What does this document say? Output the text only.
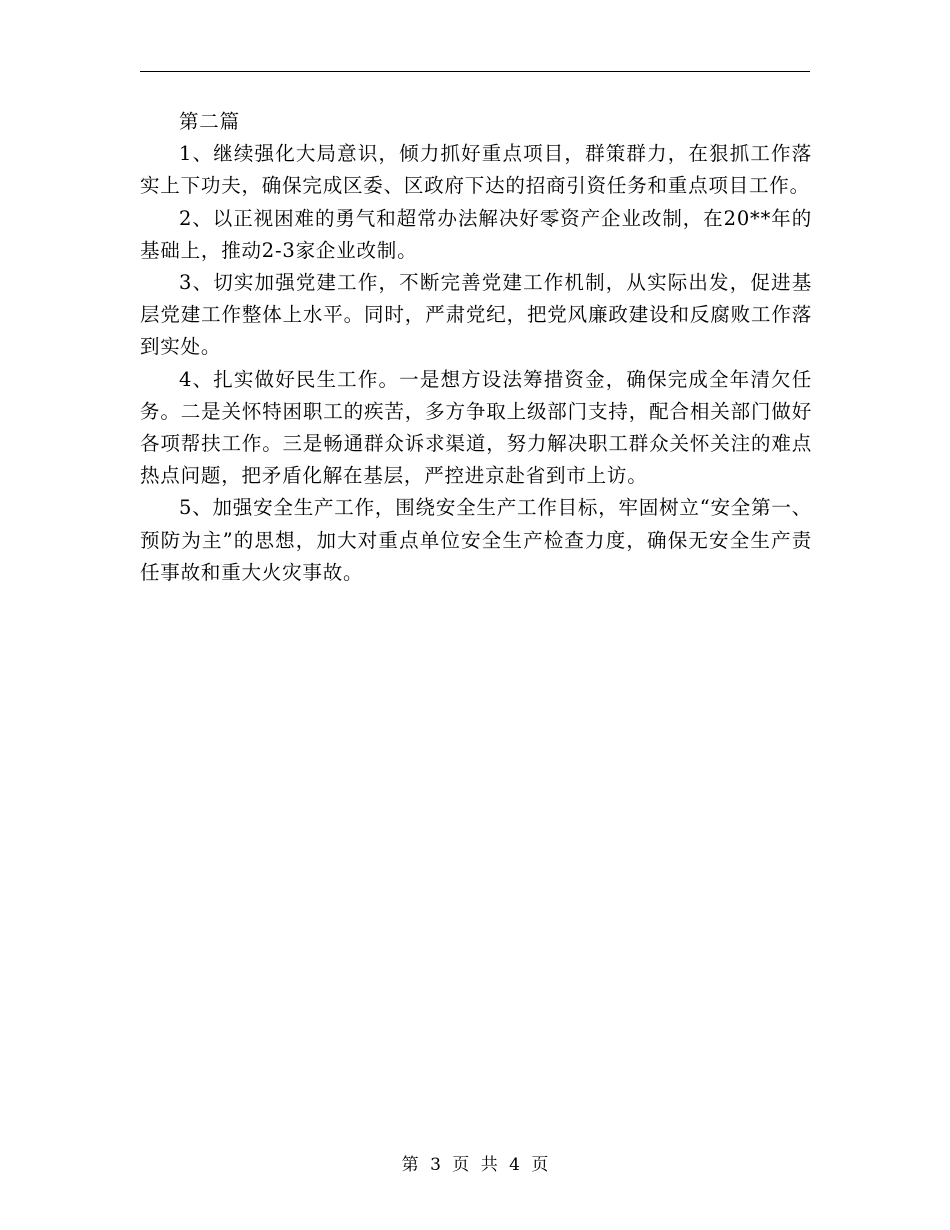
第二篇

1、继续强化大局意识，倾力抓好重点项目，群策群力，在狠抓工作落实上下功夫，确保完成区委、区政府下达的招商引资任务和重点项目工作。

2、以正视困难的勇气和超常办法解决好零资产企业改制，在20**年的基础上，推动2-3家企业改制。

3、切实加强党建工作，不断完善党建工作机制，从实际出发，促进基层党建工作整体上水平。同时，严肃党纪，把党风廉政建设和反腐败工作落到实处。

4、扎实做好民生工作。一是想方设法筹措资金，确保完成全年清欠任务。二是关怀特困职工的疾苦，多方争取上级部门支持，配合相关部门做好各项帮扶工作。三是畅通群众诉求渠道，努力解决职工群众关怀关注的难点热点问题，把矛盾化解在基层，严控进京赴省到市上访。

5、加强安全生产工作，围绕安全生产工作目标，牢固树立“安全第一、预防为主”的思想，加大对重点单位安全生产检查力度，确保无安全生产责任事故和重大火灾事故。

第 3 页 共 4 页
